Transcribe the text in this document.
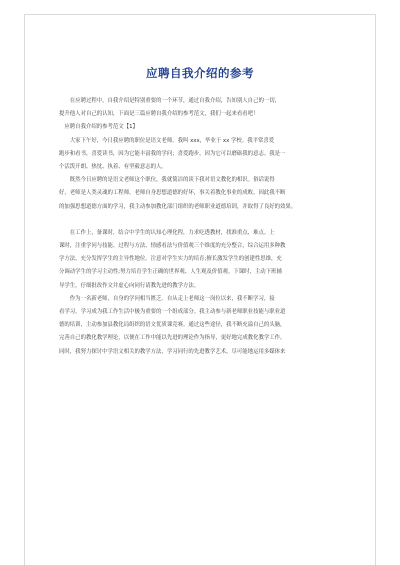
应聘自我介绍的参考
　　在应聘过程中，自我介绍是特别重要的一个环节，通过自我介绍，告知别人自己的一切，
提升他人对自己的认知，下面是三篇应聘自我介绍的参考范文，我们一起来看看吧！
　应聘自我介绍的参考范文【1】
　　大家下午好，今日我应聘的职位是语文老师。我叫 xxx，毕业于 xx 学校。我平常喜爱
跑步和看书，喜爱读书，因为它能丰富我的学问；喜爱跑步，因为它可以磨砺我的意志。我是一
个活泼开朗、热忱、执着、有坚毅意志的人。
　　既然今日应聘的是语文老师这个职位，我就简洁的谈下我对语文教化的相识。俗话说得
好，老师是人类灵魂的工程师。老师自身思想道德的好坏，事关着教化事业的成败。因此我不断
的加强思想道德方面的学习，我主动参加教化部门组织的老师职业道德培训，并取得了良好的效果。
　　在工作上，备课时，结合中学生的认知心理化程，力求吃透教材，找准重点、难点。上
课时，注重学问与技能、过程与方法、情感看法与价值观三个维度的充分整合，综合运用多种教
学方法，充分发挥学生的主导性地位。注意对学生实力的培育;擅长激发学生的创建性思维，充
分调动学生的学习主动性;努力培育学生正确的世界观、人生观及价值观。下课时，主动下班辅
导学生，仔细批改作文并虚心向同行请教先进的教学方法。
　　作为一名新老师，自身的学问相当匮乏。自从走上老师这一岗位以来，我不断学习，接
看学习。学习成为我工作生活中极为重要的一个组成部分。我主动参与新老师职业技能与职业道
德的培训，主动参加县教化局组织的语文优质课竞赛。通过这些途径，我不断充溢自己的头脑，
完善自己的教化教学理论，以便在工作中能以先进的理论作为指导，更好地完成教化教学工作。
同时，我努力探讨中学语文相关的教学方法，学习同行的先进教学艺术，尽可能地运用多媒体来
